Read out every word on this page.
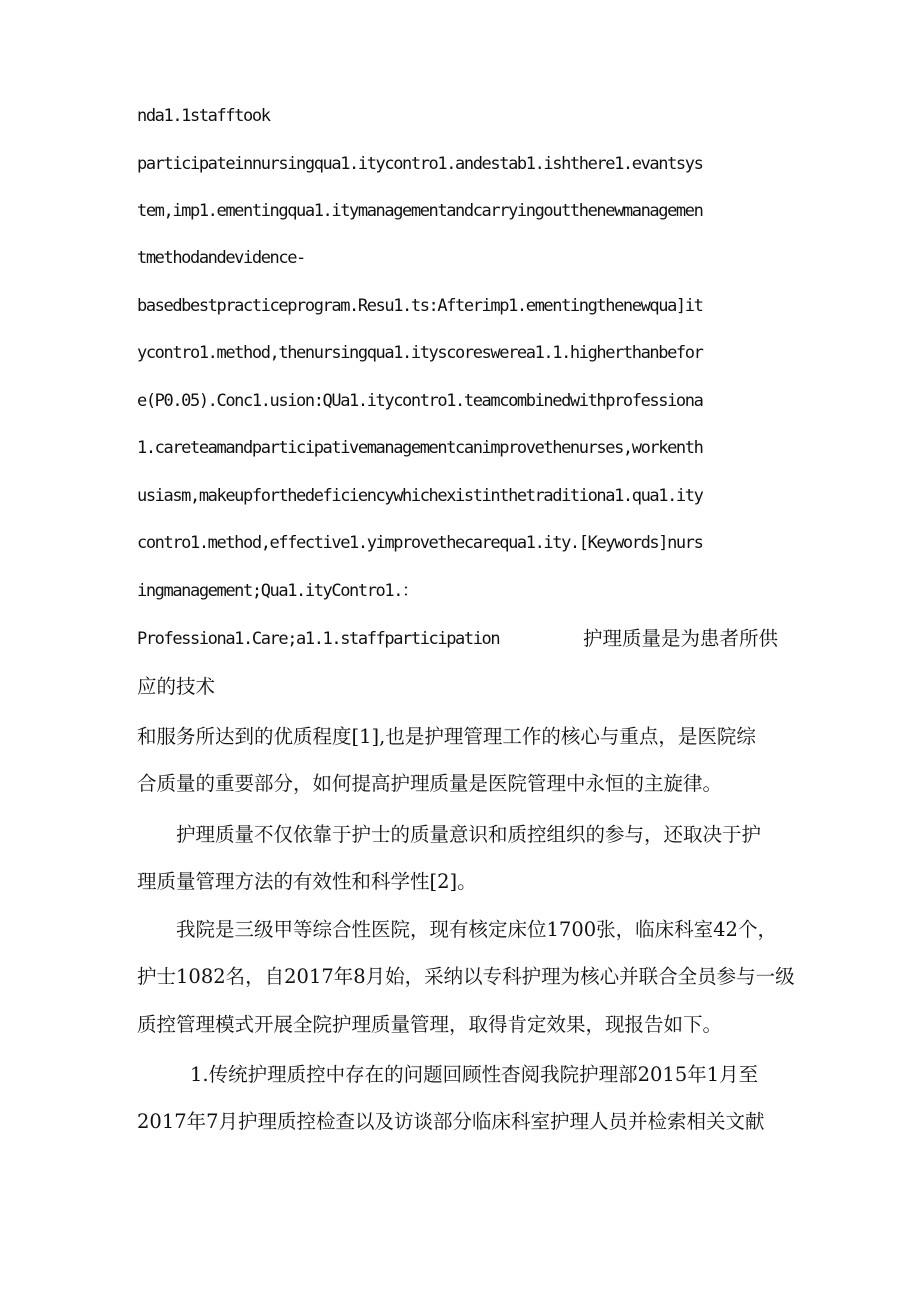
nda1.1stafftook
participateinnursingqua1.itycontro1.andestab1.ishthere1.evantsys
tem,imp1.ementingqua1.itymanagementandcarryingoutthenewmanagemen
tmethodandevidence-
basedbestpracticeprogram.Resu1.ts:Afterimp1.ementingthenewqua]it
ycontro1.method,thenursingqua1.ityscoreswerea1.1.higherthanbefor
e(P0.05).Conc1.usion:QUa1.itycontro1.teamcombinedwithprofessiona
1.careteamandparticipativemanagementcanimprovethenurses,workenth
usiasm,makeupforthedeficiencywhichexistinthetraditiona1.qua1.ity
contro1.method,effective1.yimprovethecarequa1.ity.[Keywords]nurs
ingmanagement;Qua1.ityContro1.：
Professiona1.Care;a1.1.staffparticipation	护理质量是为患者所供
应的技术
和服务所达到的优质程度[1],也是护理管理工作的核心与重点，是医院综
合质量的重要部分，如何提高护理质量是医院管理中永恒的主旋律。
护理质量不仅依靠于护士的质量意识和质控组织的参与，还取决于护
理质量管理方法的有效性和科学性[2]。
我院是三级甲等综合性医院，现有核定床位1700张，临床科室42个，
护士1082名，自2017年8月始，采纳以专科护理为核心并联合全员参与一级
质控管理模式开展全院护理质量管理，取得肯定效果，现报告如下。
1.传统护理质控中存在的问题回顾性杳阅我院护理部2015年1月至
2017年7月护理质控检查以及访谈部分临床科室护理人员并检索相关文献
